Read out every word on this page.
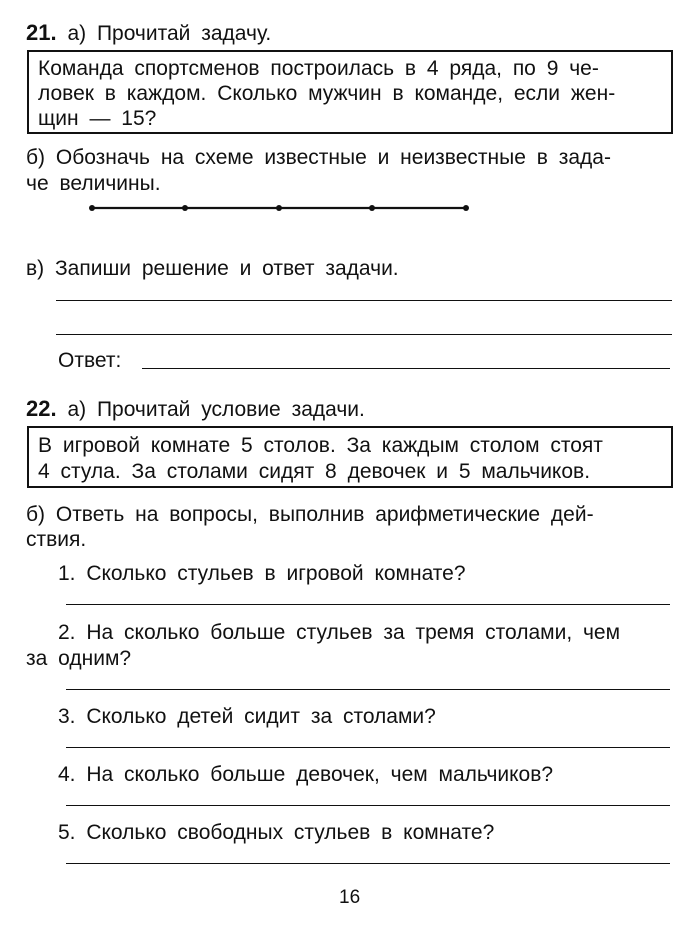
21. а) Прочитай задачу.
Команда спортсменов построилась в 4 ряда, по 9 че-
ловек в каждом. Сколько мужчин в команде, если жен-
щин — 15?
б) Обозначь на схеме известные и неизвестные в зада-
че величины.
в) Запиши решение и ответ задачи.
Ответ:
22. а) Прочитай условие задачи.
В игровой комнате 5 столов. За каждым столом стоят
4 стула. За столами сидят 8 девочек и 5 мальчиков.
б) Ответь на вопросы, выполнив арифметические дей-
ствия.
1. Сколько стульев в игровой комнате?
2. На сколько больше стульев за тремя столами, чем
за одним?
3. Сколько детей сидит за столами?
4. На сколько больше девочек, чем мальчиков?
5. Сколько свободных стульев в комнате?
16
